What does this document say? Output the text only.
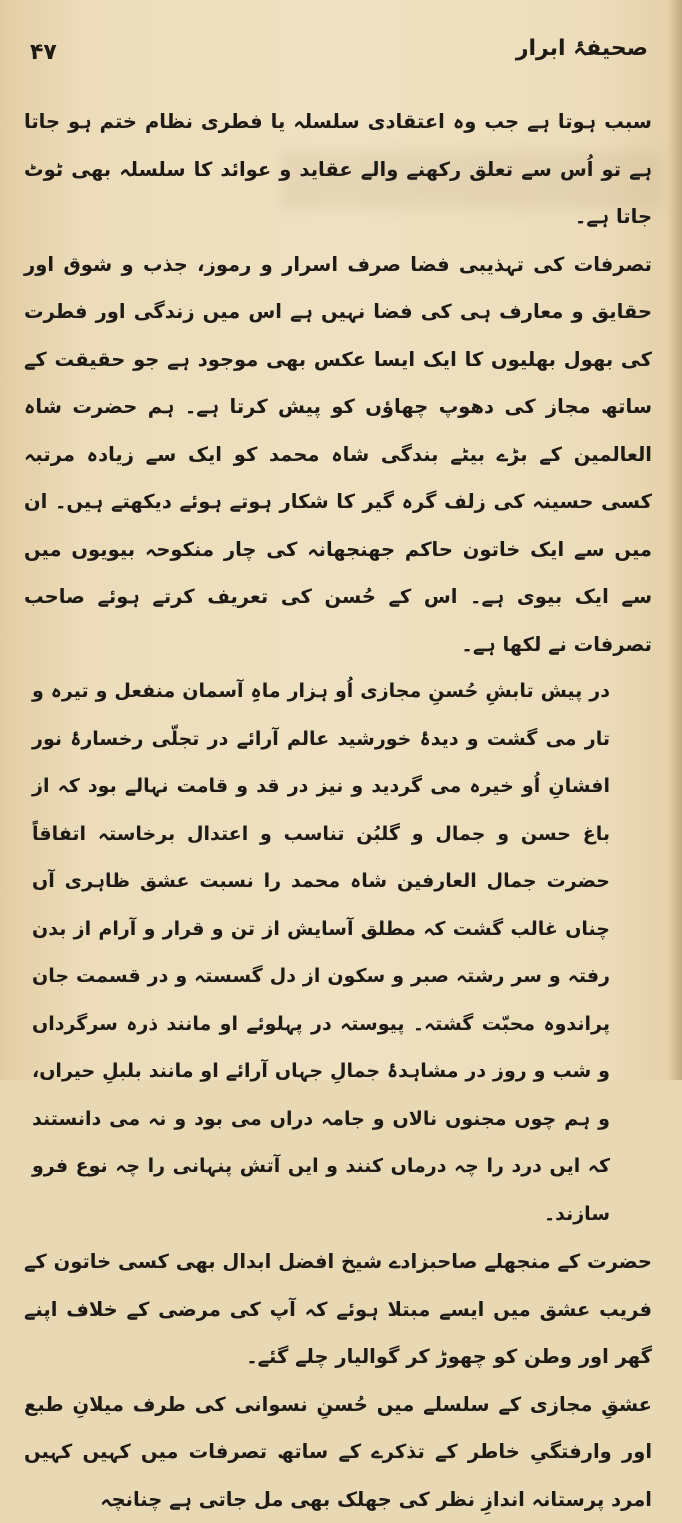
۴۷	صحیفۂ ابرار

سبب ہوتا ہے جب وہ اعتقادی سلسلہ یا فطری نظام ختم ہو جاتا ہے تو اُس سے تعلق رکھنے والے عقاید و عوائد کا سلسلہ بھی ٹوٹ جاتا ہے۔

تصرفات کی تہذیبی فضا صرف اسرار و رموز، جذب و شوق اور حقایق و معارف ہی کی فضا نہیں ہے اس میں زندگی اور فطرت کی بھول بھلیوں کا ایک ایسا عکس بھی موجود ہے جو حقیقت کے ساتھ مجاز کی دھوپ چھاؤں کو پیش کرتا ہے۔ ہم حضرت شاہ العالمین کے بڑے بیٹے بندگی شاہ محمد کو ایک سے زیادہ مرتبہ کسی حسینہ کی زلف گرہ گیر کا شکار ہوتے ہوئے دیکھتے ہیں۔ ان میں سے ایک خاتون حاکم جھنجھانہ کی چار منکوحہ بیویوں میں سے ایک بیوی ہے۔ اس کے حُسن کی تعریف کرتے ہوئے صاحب تصرفات نے لکھا ہے۔

در پیش تابشِ حُسنِ مجازی اُو ہزار ماہِ آسمان منفعل و تیرہ و تار می گشت و دیدۂ خورشید عالم آرائے در تجلّی رخسارۂ نور افشانِ اُو خیرہ می گردید و نیز در قد و قامت نہالے بود کہ از باغ حسن و جمال و گلبُن تناسب و اعتدال برخاستہ اتفاقاً حضرت جمال العارفین شاہ محمد را نسبت عشق ظاہری آں چناں غالب گشت کہ مطلق آسایش از تن و قرار و آرام از بدن رفتہ و سر رشتہ صبر و سکون از دل گسستہ و در قسمت جان پراندوہ محبّت گشتہ۔ پیوستہ در پہلوئے او مانند ذرہ سرگرداں و شب و روز در مشاہدۂ جمالِ جہاں آرائے او مانند بلبلِ حیراں، و ہم چوں مجنوں نالاں و جامہ دراں می بود و نہ می دانستند کہ ایں درد را چہ درماں کنند و ایں آتش پنہانی را چہ نوع فرو سازند۔

حضرت کے منجھلے صاحبزادے شیخ افضل ابدال بھی کسی خاتون کے فریب عشق میں ایسے مبتلا ہوئے کہ آپ کی مرضی کے خلاف اپنے گھر اور وطن کو چھوڑ کر گوالیار چلے گئے۔

عشقِ مجازی کے سلسلے میں حُسنِ نسوانی کی طرف میلانِ طبع اور وارفتگیِ خاطر کے تذکرے کے ساتھ تصرفات میں کہیں کہیں امرد پرستانہ اندازِ نظر کی جھلک بھی مل جاتی ہے چنانچہ
